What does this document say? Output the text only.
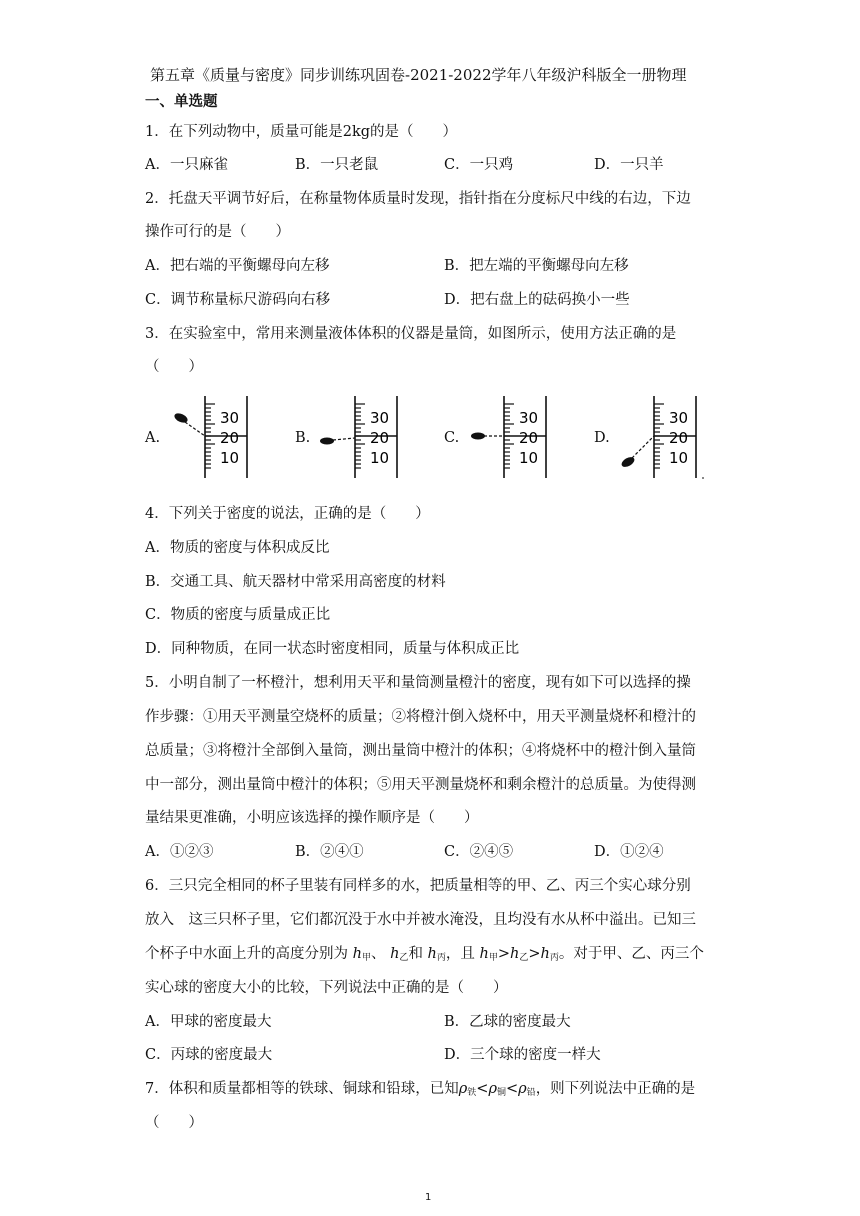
第五章《质量与密度》同步训练巩固卷-2021-2022学年八年级沪科版全一册物理
一、单选题
1．在下列动物中，质量可能是2kg的是（　　）
A．一只麻雀	B．一只老鼠	C．一只鸡	D．一只羊
2．托盘天平调节好后，在称量物体质量时发现，指针指在分度标尺中线的右边，下边
操作可行的是（　　）
A．把右端的平衡螺母向左移	B．把左端的平衡螺母向左移
C．调节称量标尺游码向右移	D．把右盘上的砝码换小一些
3．在实验室中，常用来测量液体体积的仪器是量筒，如图所示，使用方法正确的是
（　　）
A.	B.	C.	D.
30
20
10
30
20
10
30
20
10
30
20
10
4．下列关于密度的说法，正确的是（　　）
A．物质的密度与体积成反比
B．交通工具、航天器材中常采用高密度的材料
C．物质的密度与质量成正比
D．同种物质，在同一状态时密度相同，质量与体积成正比
5．小明自制了一杯橙汁，想利用天平和量筒测量橙汁的密度，现有如下可以选择的操
作步骤：①用天平测量空烧杯的质量；②将橙汁倒入烧杯中，用天平测量烧杯和橙汁的
总质量；③将橙汁全部倒入量筒，测出量筒中橙汁的体积；④将烧杯中的橙汁倒入量筒
中一部分，测出量筒中橙汁的体积；⑤用天平测量烧杯和剩余橙汁的总质量。为使得测
量结果更准确，小明应该选择的操作顺序是（　　）
A．①②③	B．②④①	C．②④⑤	D．①②④
6．三只完全相同的杯子里装有同样多的水，把质量相等的甲、乙、丙三个实心球分别
放入　这三只杯子里，它们都沉没于水中并被水淹没，且均没有水从杯中溢出。已知三
个杯子中水面上升的高度分别为 $h_甲$、 $h_乙$和 $h_丙$，且 $h_甲>h_乙>h_丙$。对于甲、乙、丙三个
实心球的密度大小的比较，下列说法中正确的是（　　）
A．甲球的密度最大	B．乙球的密度最大
C．丙球的密度最大	D．三个球的密度一样大
7．体积和质量都相等的铁球、铜球和铅球，已知$\rho_铁<\rho_铜<\rho_铅$，则下列说法中正确的是
（　　）
1
